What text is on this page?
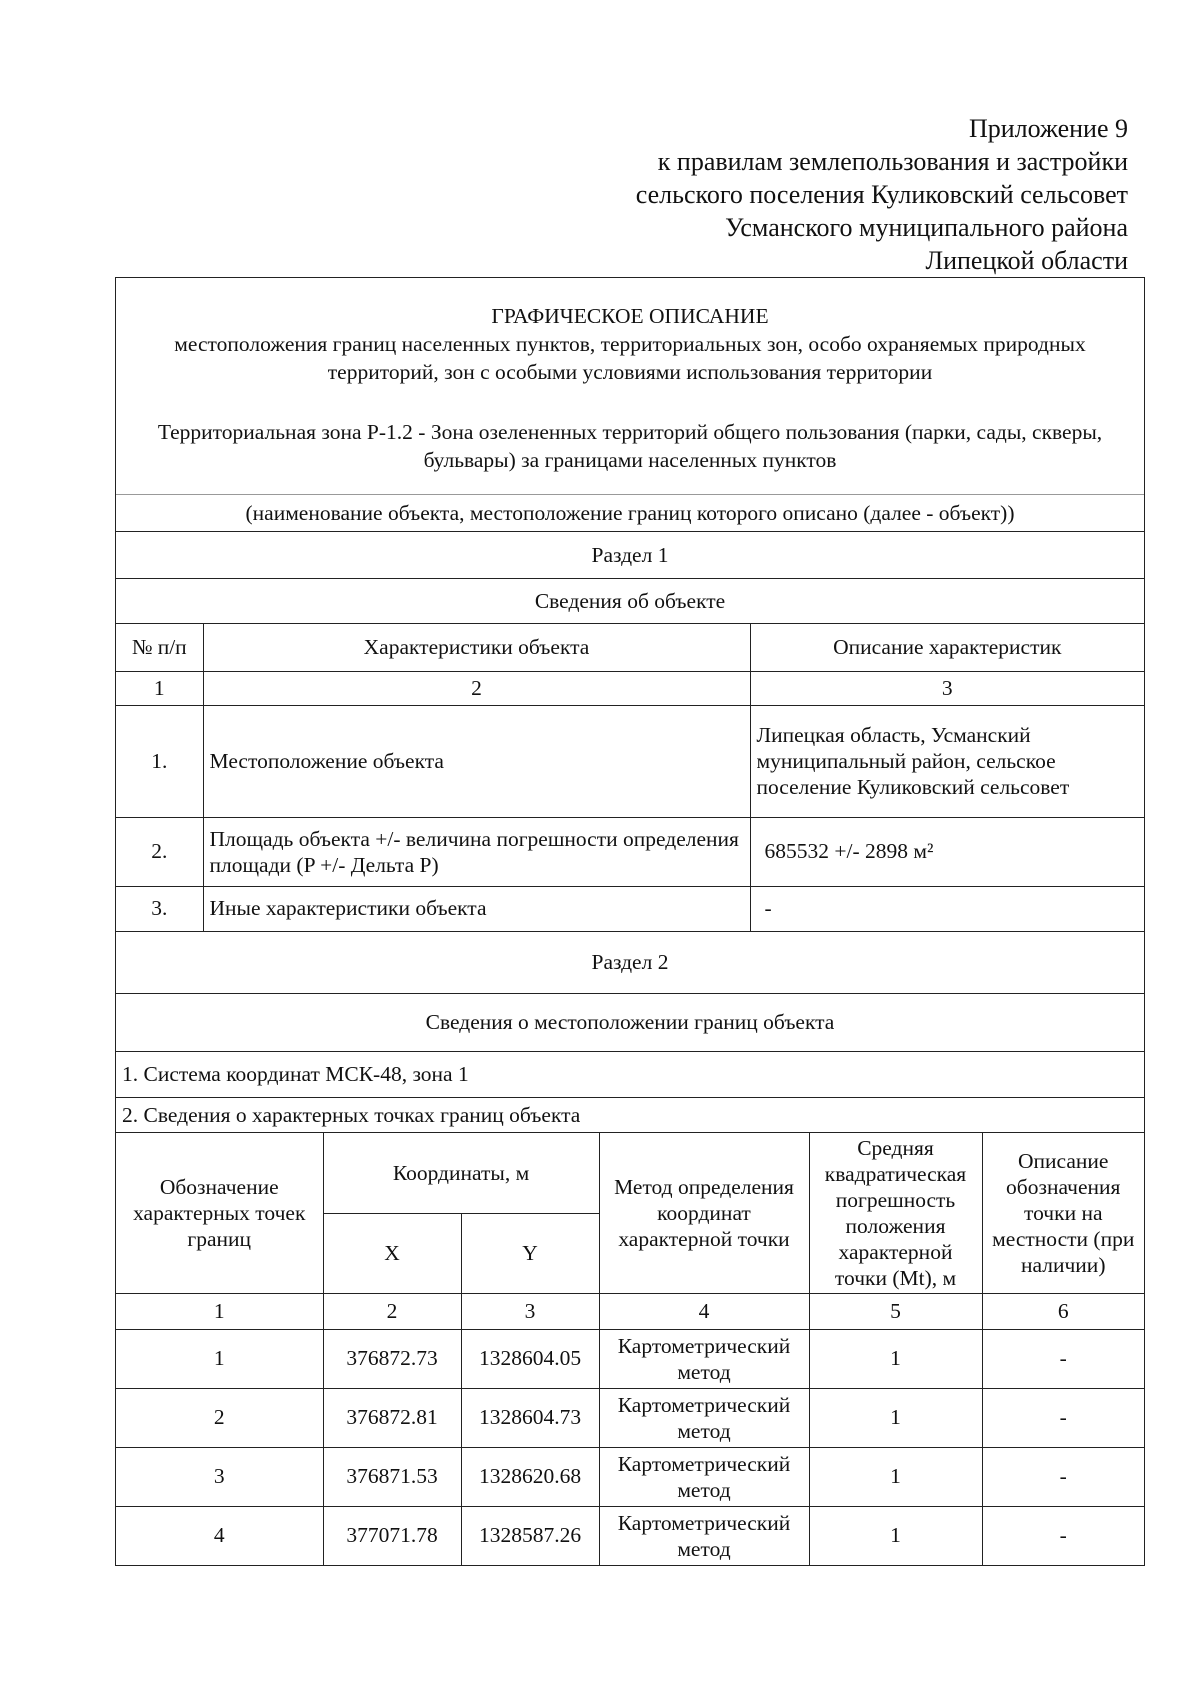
Приложение 9
к правилам землепользования и застройки
сельского поселения Куликовский сельсовет
Усманского муниципального района
Липецкой области
ГРАФИЧЕСКОЕ ОПИСАНИЕ
местоположения границ населенных пунктов, территориальных зон, особо охраняемых природных территорий, зон с особыми условиями использования территории
Территориальная зона Р-1.2 - Зона озелененных территорий общего пользования (парки, сады, скверы, бульвары) за границами населенных пунктов
(наименование объекта, местоположение границ которого описано (далее - объект))
Раздел 1
Сведения об объекте
№ п/п	Характеристики объекта	Описание характеристик
1	2	3
1.	Местоположение объекта	Липецкая область, Усманский муниципальный район, сельское поселение Куликовский сельсовет
2.	Площадь объекта +/- величина погрешности определения площади (P +/- Дельта P)	685532 +/- 2898 м²
3.	Иные характеристики объекта	-
Раздел 2
Сведения о местоположении границ объекта
1. Система координат МСК-48, зона 1
2. Сведения о характерных точках границ объекта
Обозначение характерных точек границ	Координаты, м		Метод определения координат характерной точки	Средняя квадратическая погрешность положения характерной точки (Mt), м	Описание обозначения точки на местности (при наличии)
	X	Y			
1	2	3	4	5	6
1	376872.73	1328604.05	Картометрический метод	1	-
2	376872.81	1328604.73	Картометрический метод	1	-
3	376871.53	1328620.68	Картометрический метод	1	-
4	377071.78	1328587.26	Картометрический метод	1	-
